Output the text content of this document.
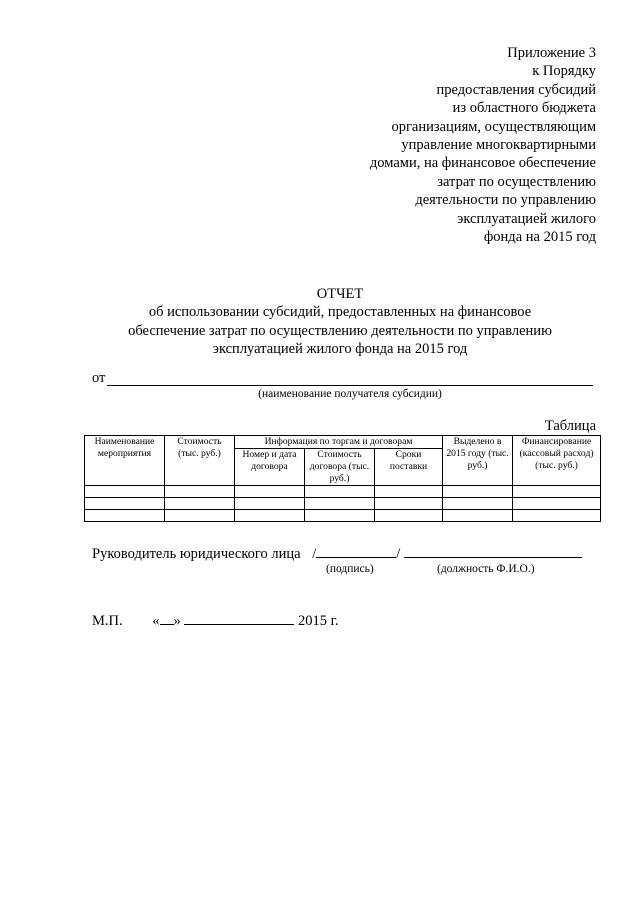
Приложение 3
к Порядку
предоставления субсидий
из областного бюджета
организациям, осуществляющим
управление многоквартирными
домами, на финансовое обеспечение
затрат по осуществлению
деятельности по управлению
эксплуатацией жилого
фонда на 2015 год
ОТЧЕТ
об использовании субсидий, предоставленных на финансовое
обеспечение затрат по осуществлению деятельности по управлению
эксплуатацией жилого фонда на 2015 год
от
(наименование получателя субсидии)
Таблица
Наименование мероприятия	Стоимость (тыс. руб.)	Информация по торгам и договорам			Выделено в 2015 году (тыс. руб.)	Финансирование (кассовый расход) (тыс. руб.)
		Номер и дата договора	Стоимость договора (тыс. руб.)	Сроки поставки		

Руководитель юридического лица /	/
(подпись)	(должность Ф.И.О.)
М.П. « »	2015 г.
